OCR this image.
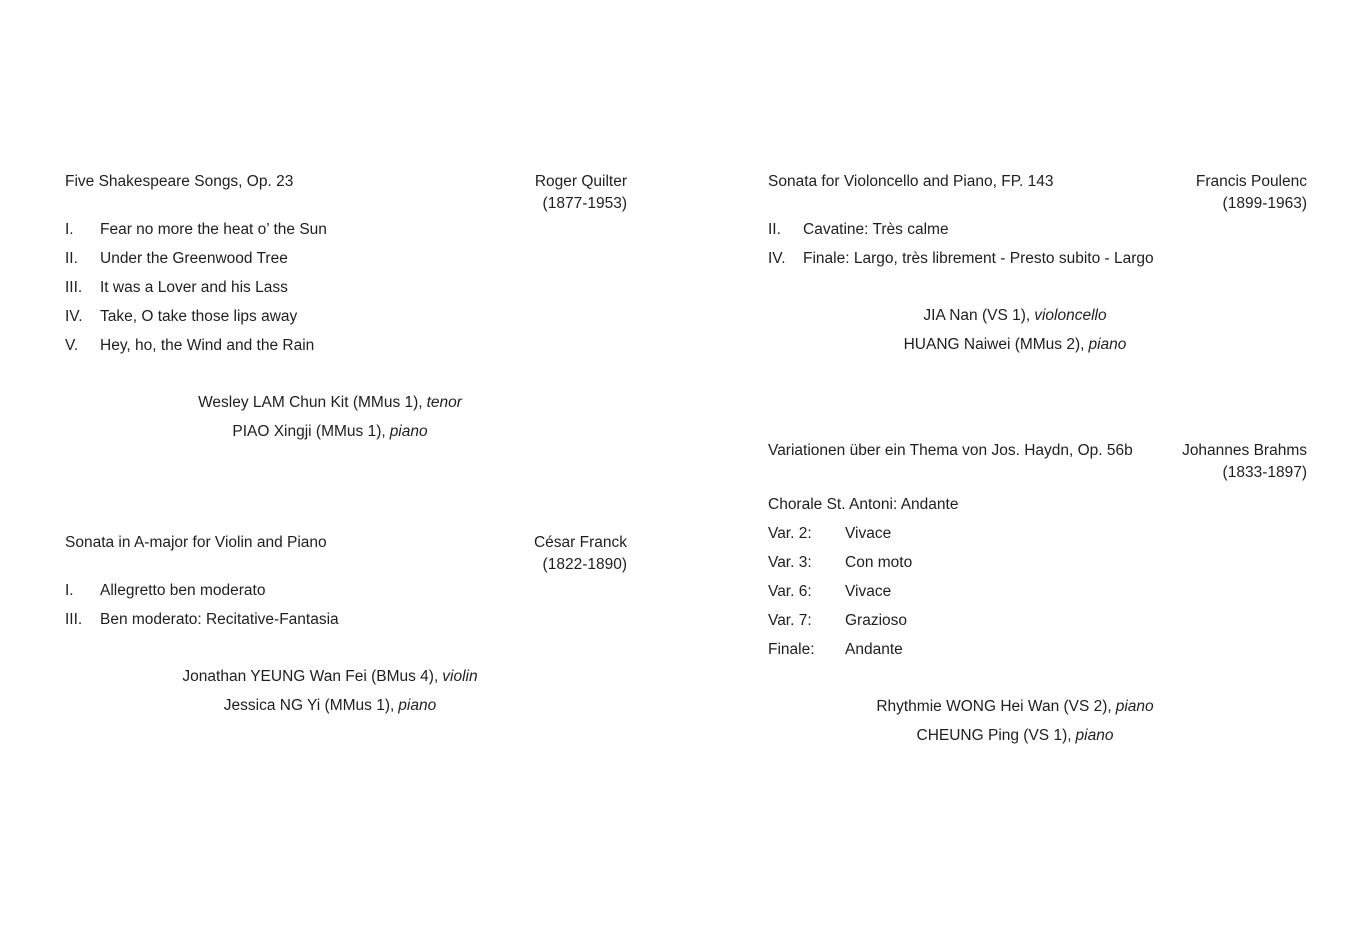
Five Shakespeare Songs, Op. 23	Roger Quilter
(1877-1953)
I.	Fear no more the heat o’ the Sun
II.	Under the Greenwood Tree
III.	It was a Lover and his Lass
IV.	Take, O take those lips away
V.	Hey, ho, the Wind and the Rain
Wesley LAM Chun Kit (MMus 1), tenor
PIAO Xingji (MMus 1), piano
Sonata in A-major for Violin and Piano	César Franck
(1822-1890)
I.	Allegretto ben moderato
III.	Ben moderato: Recitative-Fantasia
Jonathan YEUNG Wan Fei (BMus 4), violin
Jessica NG Yi (MMus 1), piano
Sonata for Violoncello and Piano, FP. 143	Francis Poulenc
(1899-1963)
II.	Cavatine: Très calme
IV.	Finale: Largo, très librement - Presto subito - Largo
JIA Nan (VS 1), violoncello
HUANG Naiwei (MMus 2), piano
Variationen über ein Thema von Jos. Haydn, Op. 56b	Johannes Brahms
(1833-1897)
Chorale St. Antoni: Andante
Var. 2:	Vivace
Var. 3:	Con moto
Var. 6:	Vivace
Var. 7:	Grazioso
Finale:	Andante
Rhythmie WONG Hei Wan (VS 2), piano
CHEUNG Ping (VS 1), piano
